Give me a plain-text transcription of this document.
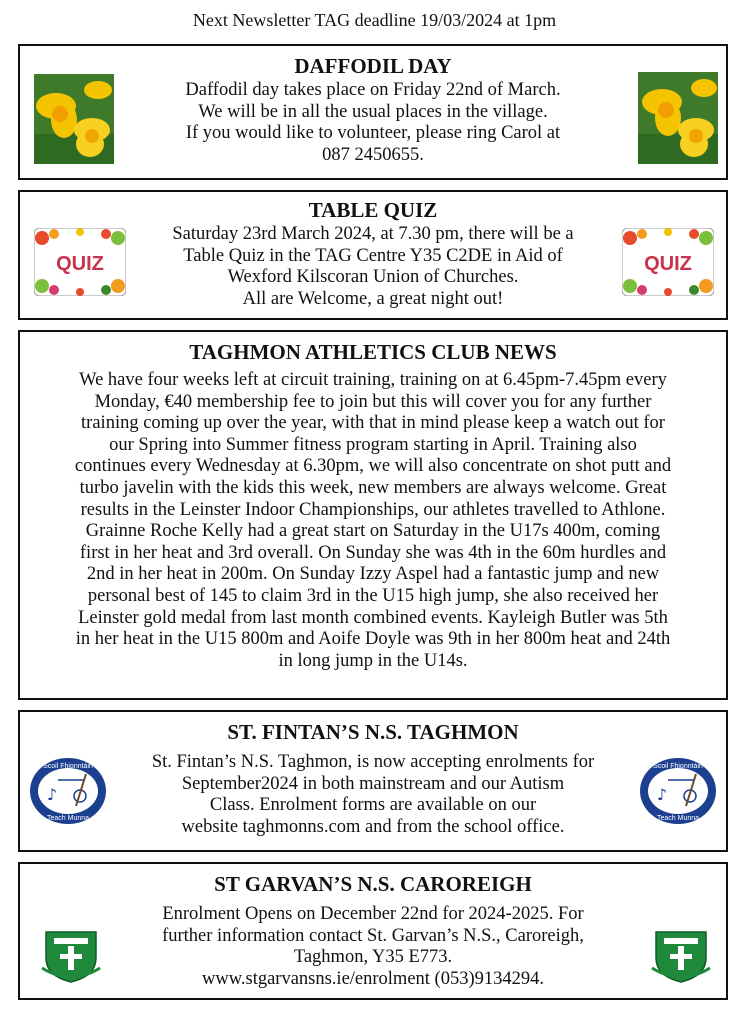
Next Newsletter TAG deadline 19/03/2024 at 1pm
DAFFODIL DAY
Daffodil day takes place on Friday 22nd of March.
We will be in all the usual places in the village.
If you would like to volunteer, please ring Carol at
087 2450655.
TABLE QUIZ
QUIZ	QUIZ
Saturday 23rd March 2024, at 7.30 pm, there will be a
Table Quiz in the TAG Centre Y35 C2DE in Aid of
Wexford Kilscoran Union of Churches.
All are Welcome, a great night out!
TAGHMON ATHLETICS CLUB NEWS
We have four weeks left at circuit training, training on at 6.45pm-7.45pm every
Monday, €40 membership fee to join but this will cover you for any further
training coming up over the year, with that in mind please keep a watch out for
our Spring into Summer fitness program starting in April. Training also
continues every Wednesday at 6.30pm, we will also concentrate on shot putt and
turbo javelin with the kids this week, new members are always welcome. Great
results in the Leinster Indoor Championships, our athletes travelled to Athlone.
Grainne Roche Kelly had a great start on Saturday in the U17s 400m, coming
first in her heat and 3rd overall. On Sunday she was 4th in the 60m hurdles and
2nd in her heat in 200m. On Sunday Izzy Aspel had a fantastic jump and new
personal best of 145 to claim 3rd in the U15 high jump, she also received her
Leinster gold medal from last month combined events. Kayleigh Butler was 5th
in her heat in the U15 800m and Aoife Doyle was 9th in her 800m heat and 24th
in long jump in the U14s.
ST. FINTAN’S N.S. TAGHMON
Scoil Fhionntáin
Teach Munna
♪
Scoil Fhionntáin
Teach Munna
♪
St. Fintan’s N.S. Taghmon, is now accepting enrolments for
September2024 in both mainstream and our Autism
Class. Enrolment forms are available on our
website taghmonns.com and from the school office.
ST GARVAN’S N.S. CAROREIGH
Enrolment Opens on December 22nd for 2024-2025. For
further information contact St. Garvan’s N.S., Caroreigh,
Taghmon, Y35 E773.
www.stgarvansns.ie/enrolment (053)9134294.
